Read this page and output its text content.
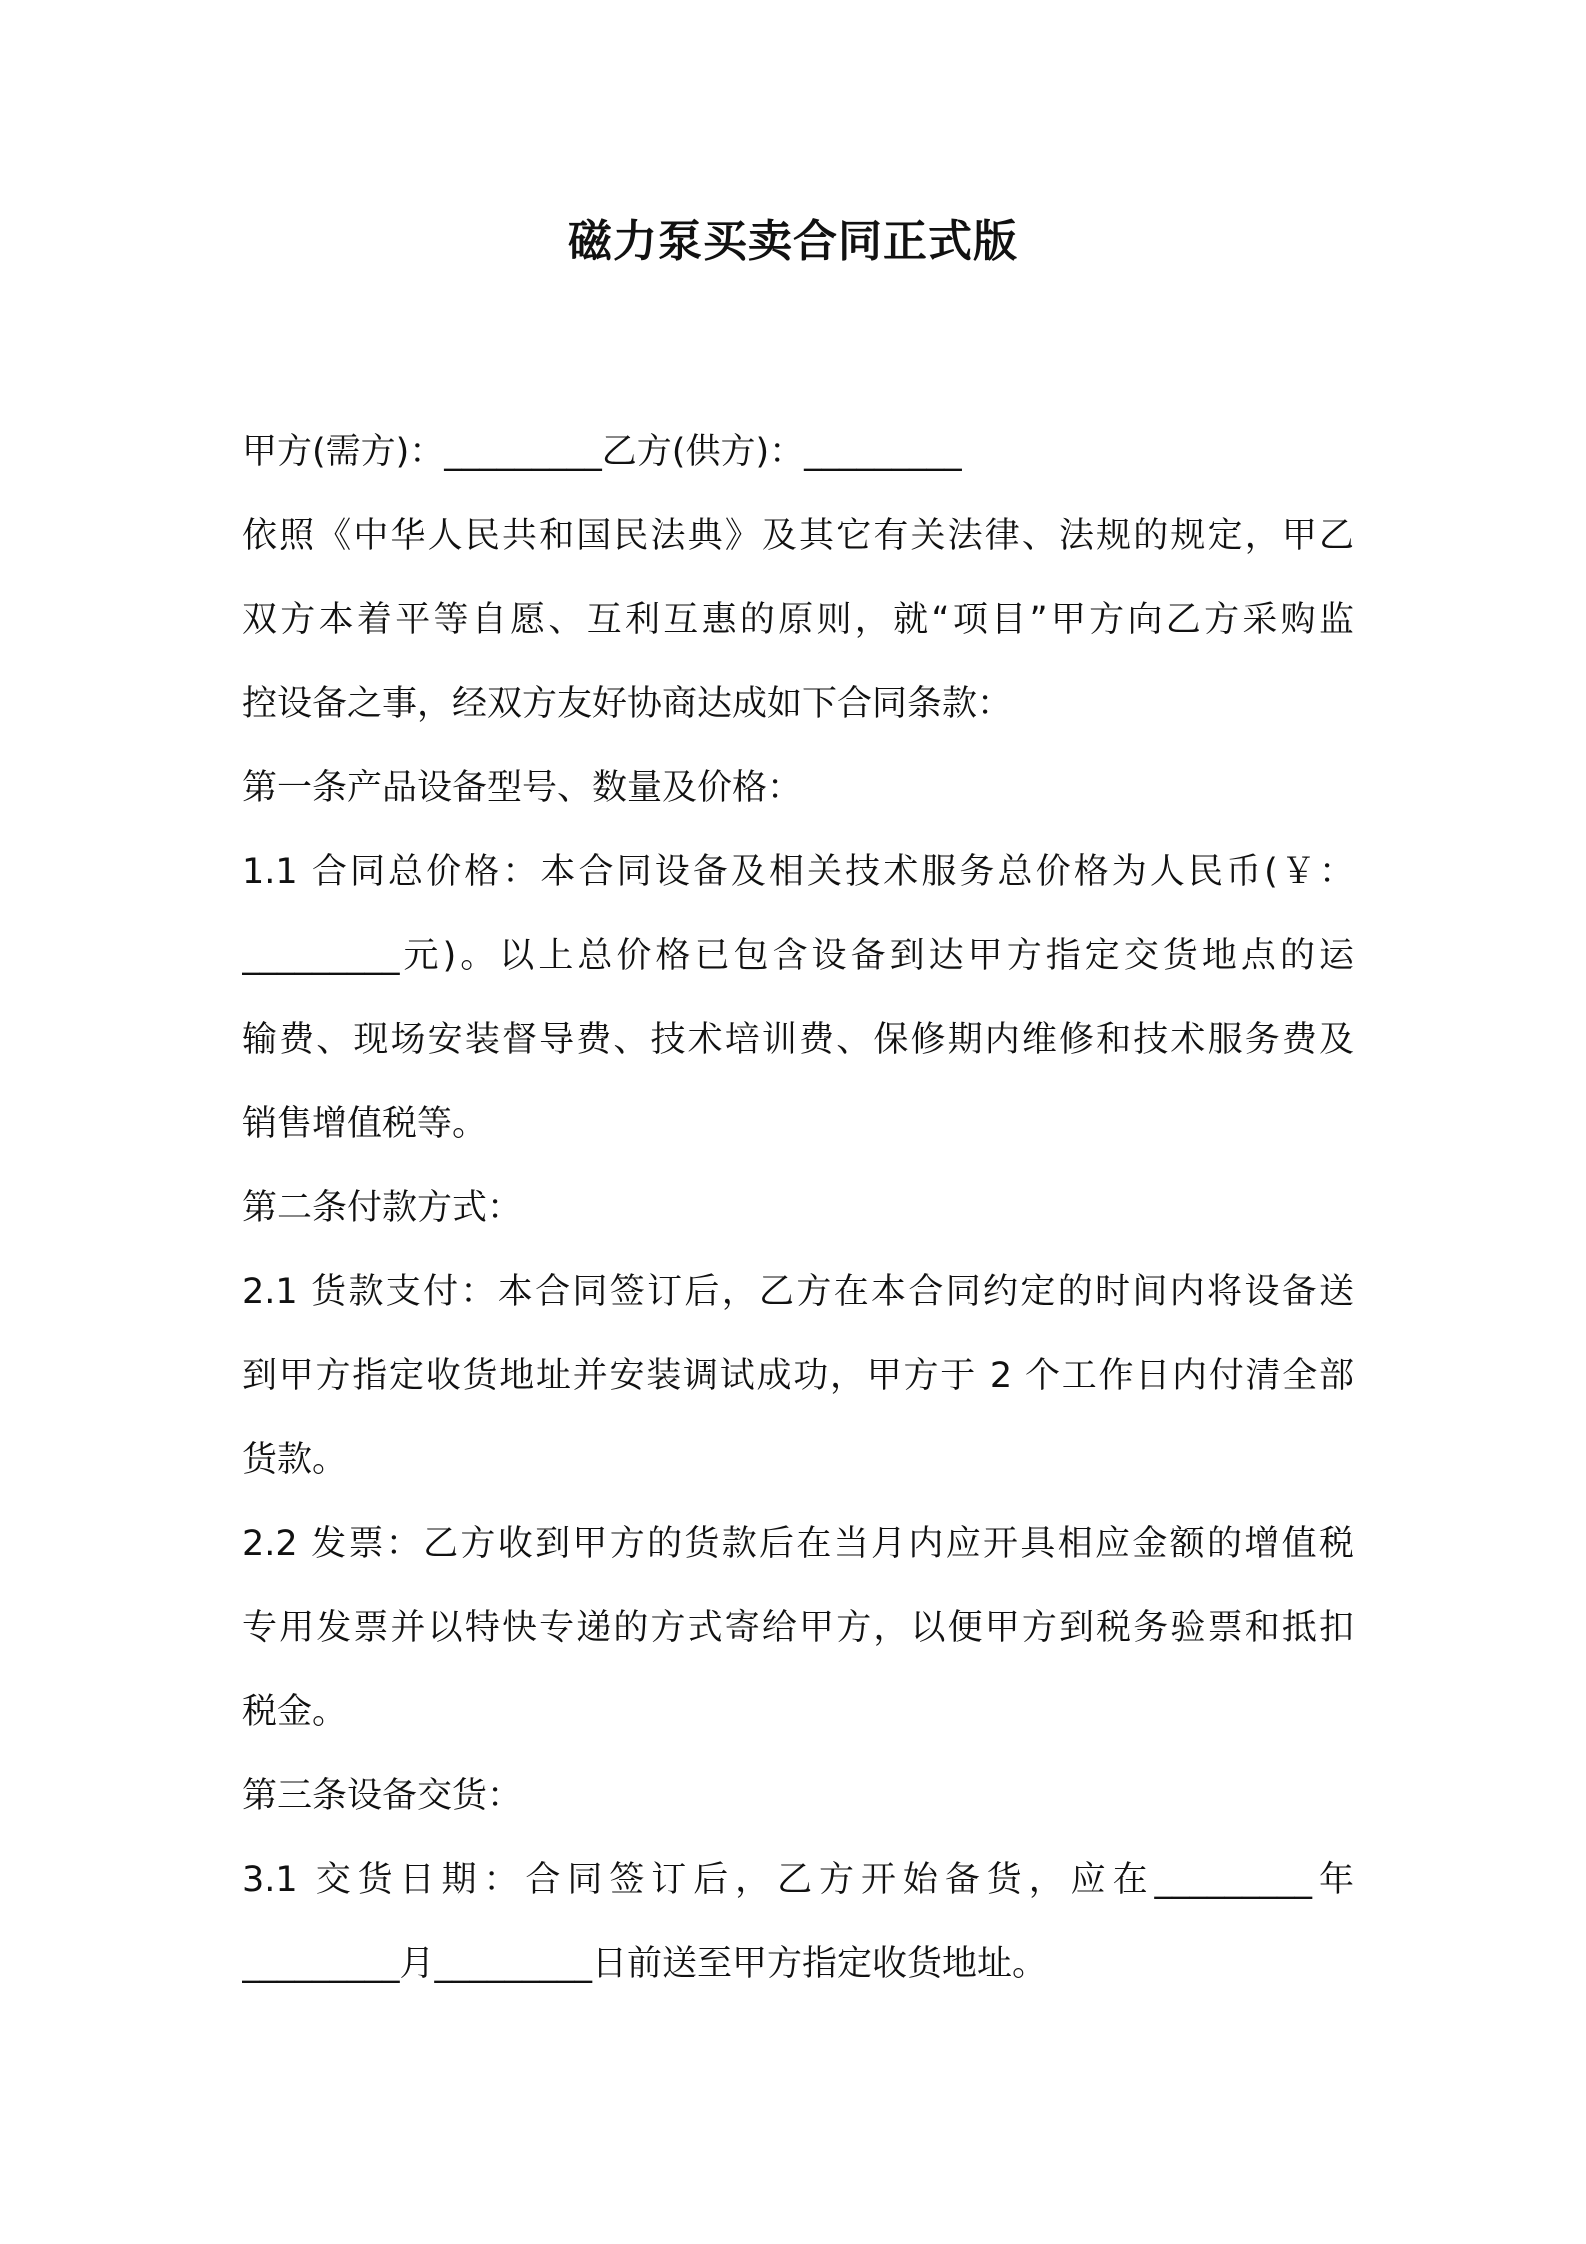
磁力泵买卖合同正式版
甲方(需方)：_________乙方(供方)：_________
依照《中华人民共和国民法典》及其它有关法律、法规的规定，甲乙
双方本着平等自愿、互利互惠的原则，就“项目”甲方向乙方采购监
控设备之事，经双方友好协商达成如下合同条款：
第一条产品设备型号、数量及价格：
1.1 合同总价格：本合同设备及相关技术服务总价格为人民币(￥：
_________元)。以上总价格已包含设备到达甲方指定交货地点的运
输费、现场安装督导费、技术培训费、保修期内维修和技术服务费及
销售增值税等。
第二条付款方式：
2.1 货款支付：本合同签订后，乙方在本合同约定的时间内将设备送
到甲方指定收货地址并安装调试成功，甲方于 2 个工作日内付清全部
货款。
2.2 发票：乙方收到甲方的货款后在当月内应开具相应金额的增值税
专用发票并以特快专递的方式寄给甲方，以便甲方到税务验票和抵扣
税金。
第三条设备交货：
3.1 交货日期：合同签订后，乙方开始备货，应在_________年
_________月_________日前送至甲方指定收货地址。
